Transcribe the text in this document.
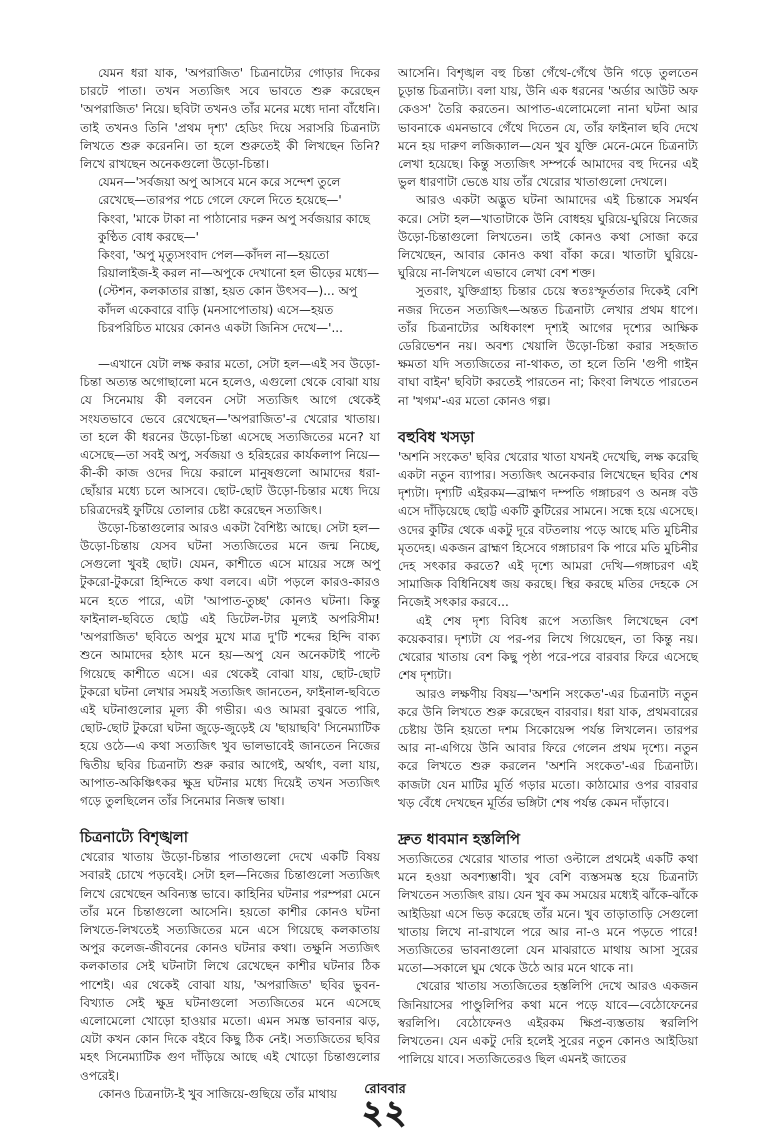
যেমন ধরা যাক, 'অপরাজিত' চিত্রনাট্যের গোড়ার দিকের চারটে পাতা। তখন সত্যজিৎ সবে ভাবতে শুরু করেছেন 'অপরাজিত' নিয়ে। ছবিটা তখনও তাঁর মনের মধ্যে দানা বাঁধেনি। তাই তখনও তিনি 'প্রথম দৃশ্য' হেডিং দিয়ে সরাসরি চিত্রনাট্য লিখতে শুরু করেননি। তা হলে শুরুতেই কী লিখছেন তিনি? লিখে রাখছেন অনেকগুলো উড়ো-চিন্তা।

যেমন—'সর্বজয়া অপু আসবে মনে করে সন্দেশ তুলে রেখেছে—তারপর পচে গেলে ফেলে দিতে হয়েছে—'

কিংবা, 'মাকে টাকা না পাঠানোর দরুন অপু সর্বজয়ার কাছে কুণ্ঠিত বোধ করছে—'

কিংবা, 'অপু মৃত্যুসংবাদ পেল—কাঁদল না—হয়তো রিয়ালাইজ-ই করল না—অপুকে দেখানো হল ভীড়ের মধ্যে—(স্টেশন, কলকাতার রাস্তা, হয়ত কোন উৎসব—)... অপু কাঁদল একেবারে বাড়ি (মনসাপোতায়) এসে—হয়ত চিরপরিচিত মায়ের কোনও একটা জিনিস দেখে—'...

—এখানে যেটা লক্ষ করার মতো, সেটা হল—এই সব উড়ো-চিন্তা অত্যন্ত অগোছালো মনে হলেও, এগুলো থেকে বোঝা যায় যে সিনেমায় কী বলবেন সেটা সত্যজিৎ আগে থেকেই সংযতভাবে ভেবে রেখেছেন—'অপরাজিত'-র খেরোর খাতায়। তা হলে কী ধরনের উড়ো-চিন্তা এসেছে সত্যজিতের মনে? যা এসেছে—তা সবই অপু, সর্বজয়া ও হরিহরের কার্যকলাপ নিয়ে—কী-কী কাজ ওদের দিয়ে করালে মানুষগুলো আমাদের ধরা-ছোঁয়ার মধ্যে চলে আসবে। ছোট-ছোট উড়ো-চিন্তার মধ্যে দিয়ে চরিত্রদেরই ফুটিয়ে তোলার চেষ্টা করেছেন সত্যজিৎ।

উড়ো-চিন্তাগুলোর আরও একটা বৈশিষ্ট্য আছে। সেটা হল—উড়ো-চিন্তায় যেসব ঘটনা সত্যজিতের মনে জন্ম নিচ্ছে, সেগুলো খুবই ছোট। যেমন, কাশীতে এসে মায়ের সঙ্গে অপু টুকরো-টুকরো হিন্দিতে কথা বলবে। এটা পড়লে কারও-কারও মনে হতে পারে, এটা 'আপাত-তুচ্ছ' কোনও ঘটনা। কিন্তু ফাইনাল-ছবিতে ছোট্ট এই ডিটেল-টার মূল্যই অপরিসীম! 'অপরাজিত' ছবিতে অপুর মুখে মাত্র দু'টি শব্দের হিন্দি বাক্য শুনে আমাদের হঠাৎ মনে হয়—অপু যেন অনেকটাই পাল্টে গিয়েছে কাশীতে এসে। এর থেকেই বোঝা যায়, ছোট-ছোট টুকরো ঘটনা লেখার সময়ই সত্যজিৎ জানতেন, ফাইনাল-ছবিতে এই ঘটনাগুলোর মূল্য কী গভীর। এও আমরা বুঝতে পারি, ছোট-ছোট টুকরো ঘটনা জুড়ে-জুড়েই যে 'ছায়াছবি' সিনেম্যাটিক হয়ে ওঠে—এ কথা সত্যজিৎ খুব ভালভাবেই জানতেন নিজের দ্বিতীয় ছবির চিত্রনাট্য শুরু করার আগেই, অর্থাৎ, বলা যায়, আপাত-অকিঞ্চিৎকর ক্ষুদ্র ঘটনার মধ্যে দিয়েই তখন সত্যজিৎ গড়ে তুলছিলেন তাঁর সিনেমার নিজস্ব ভাষা।

চিত্রনাট্যে বিশৃঙ্খলা

খেরোর খাতায় উড়ো-চিন্তার পাতাগুলো দেখে একটি বিষয় সবারই চোখে পড়বেই। সেটা হল—নিজের চিন্তাগুলো সত্যজিৎ লিখে রেখেছেন অবিন্যস্ত ভাবে। কাহিনির ঘটনার পরম্পরা মেনে তাঁর মনে চিন্তাগুলো আসেনি। হয়তো কাশীর কোনও ঘটনা লিখতে-লিখতেই সত্যজিতের মনে এসে গিয়েছে কলকাতায় অপুর কলেজ-জীবনের কোনও ঘটনার কথা। তক্ষুনি সত্যজিৎ কলকাতার সেই ঘটনাটা লিখে রেখেছেন কাশীর ঘটনার ঠিক পাশেই। এর থেকেই বোঝা যায়, 'অপরাজিত' ছবির ভুবন-বিখ্যাত সেই ক্ষুদ্র ঘটনাগুলো সত্যজিতের মনে এসেছে এলোমেলো খোড়ো হাওয়ার মতো। এমন সমস্ত ভাবনার ঝড়, যেটা কখন কোন দিকে বইবে কিছু ঠিক নেই। সত্যজিতের ছবির মহৎ সিনেম্যাটিক গুণ দাঁড়িয়ে আছে এই খোড়ো চিন্তাগুলোর ওপরেই।

কোনও চিত্রনাট্য-ই খুব সাজিয়ে-গুছিয়ে তাঁর মাথায়

আসেনি। বিশৃঙ্খল বহু চিন্তা গেঁথে-গেঁথে উনি গড়ে তুলতেন চূড়ান্ত চিত্রনাট্য। বলা যায়, উনি এক ধরনের 'অর্ডার আউট অফ কেওস' তৈরি করতেন। আপাত-এলোমেলো নানা ঘটনা আর ভাবনাকে এমনভাবে গেঁথে দিতেন যে, তাঁর ফাইনাল ছবি দেখে মনে হয় দারুণ লজিক্যাল—যেন খুব যুক্তি মেনে-মেনে চিত্রনাট্য লেখা হয়েছে। কিন্তু সত্যজিৎ সম্পর্কে আমাদের বহু দিনের এই ভুল ধারণাটা ভেঙে যায় তাঁর খেরোর খাতাগুলো দেখলে।

আরও একটা অদ্ভুত ঘটনা আমাদের এই চিন্তাকে সমর্থন করে। সেটা হল—খাতাটাকে উনি বোধহয় ঘুরিয়ে-ঘুরিয়ে নিজের উড়ো-চিন্তাগুলো লিখতেন। তাই কোনও কথা সোজা করে লিখেছেন, আবার কোনও কথা বাঁকা করে। খাতাটা ঘুরিয়ে-ঘুরিয়ে না-লিখলে এভাবে লেখা বেশ শক্ত।

সুতরাং, যুক্তিগ্রাহ্য চিন্তার চেয়ে স্বতঃস্ফূর্ততার দিকেই বেশি নজর দিতেন সত্যজিৎ—অন্তত চিত্রনাট্য লেখার প্রথম ধাপে। তাঁর চিত্রনাট্যের অধিকাংশ দৃশ্যই আগের দৃশ্যের আক্ষিক ডেরিভেশন নয়। অবশ্য খেয়ালি উড়ো-চিন্তা করার সহজাত ক্ষমতা যদি সত্যজিতের না-থাকত, তা হলে তিনি 'গুপী গাইন বাঘা বাইন' ছবিটা করতেই পারতেন না; কিংবা লিখতে পারতেন না 'খগম'-এর মতো কোনও গল্প।

বহুবিধ খসড়া

'অশনি সংকেত' ছবির খেরোর খাতা যখনই দেখেছি, লক্ষ করেছি একটা নতুন ব্যাপার। সত্যজিৎ অনেকবার লিখেছেন ছবির শেষ দৃশ্যটা। দৃশ্যটি এইরকম—ব্রাহ্মণ দম্পতি গঙ্গাচরণ ও অনঙ্গ বউ এসে দাঁড়িয়েছে ছোট্ট একটি কুটিরের সামনে। সন্ধে হয়ে এসেছে। ওদের কুটির থেকে একটু দূরে বটতলায় পড়ে আছে মতি মুচিনীর মৃতদেহ। একজন ব্রাহ্মণ হিসেবে গঙ্গাচারণ কি পারে মতি মুচিনীর দেহ সৎকার করতে? এই দৃশ্যে আমরা দেখি—গঙ্গাচরণ এই সামাজিক বিধিনিষেধ জয় করছে। স্থির করছে মতির দেহকে সে নিজেই সৎকার করবে...

এই শেষ দৃশ্য বিবিধ রূপে সত্যজিৎ লিখেছেন বেশ কয়েকবার। দৃশ্যটা যে পর-পর লিখে গিয়েছেন, তা কিন্তু নয়। খেরোর খাতায় বেশ কিছু পৃষ্ঠা পরে-পরে বারবার ফিরে এসেছে শেষ দৃশ্যটা।

আরও লক্ষণীয় বিষয়—'অশনি সংকেত'-এর চিত্রনাট্য নতুন করে উনি লিখতে শুরু করেছেন বারবার। ধরা যাক, প্রথমবারের চেষ্টায় উনি হয়তো দশম সিকোয়েন্স পর্যন্ত লিখলেন। তারপর আর না-এগিয়ে উনি আবার ফিরে গেলেন প্রথম দৃশ্যে। নতুন করে লিখতে শুরু করলেন 'অশনি সংকেত'-এর চিত্রনাট্য। কাজটা যেন মাটির মূর্তি গড়ার মতো। কাঠামোর ওপর বারবার খড় বেঁধে দেখছেন মূর্তির ভঙ্গিটা শেষ পর্যন্ত কেমন দাঁড়াবে।

দ্রুত ধাবমান হস্তলিপি

সত্যজিতের খেরোর খাতার পাতা ওল্টালে প্রথমেই একটি কথা মনে হওয়া অবশ্যম্ভাবী। খুব বেশি ব্যস্তসমস্ত হয়ে চিত্রনাট্য লিখতেন সত্যজিৎ রায়। যেন খুব কম সময়ের মধ্যেই ঝাঁকে-ঝাঁকে আইডিয়া এসে ভিড় করেছে তাঁর মনে। খুব তাড়াতাড়ি সেগুলো খাতায় লিখে না-রাখলে পরে আর না-ও মনে পড়তে পারে! সত্যজিতের ভাবনাগুলো যেন মাঝরাতে মাথায় আসা সুরের মতো—সকালে ঘুম থেকে উঠে আর মনে থাকে না।

খেরোর খাতায় সত্যজিতের হস্তলিপি দেখে আরও একজন জিনিয়াসের পাণ্ডুলিপির কথা মনে পড়ে যাবে—বেঠোফেনের স্বরলিপি। বেঠোফেনও এইরকম ক্ষিপ্র-ব্যস্ততায় স্বরলিপি লিখতেন। যেন একটু দেরি হলেই সুরের নতুন কোনও আইডিয়া পালিয়ে যাবে। সত্যজিতেরও ছিল এমনই জাতের

রোববার
২২
